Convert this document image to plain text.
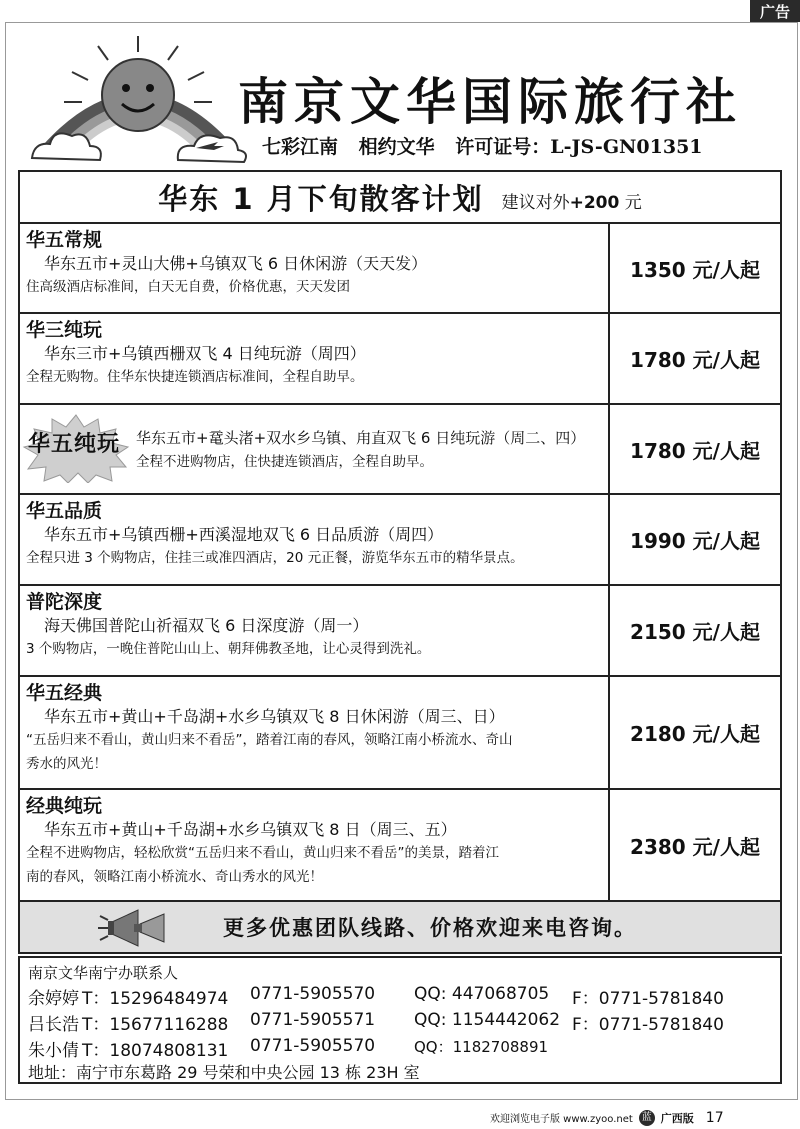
广告
南京文华国际旅行社
七彩江南 相约文华 许可证号：L-JS-GN01351
华东 1 月下旬散客计划 建议对外+200 元
华五常规
华东五市+灵山大佛+乌镇双飞 6 日休闲游（天天发）
住高级酒店标准间，白天无自费，价格优惠，天天发团
1350 元/人起
华三纯玩
华东三市+乌镇西栅双飞 4 日纯玩游（周四）
全程无购物。住华东快捷连锁酒店标准间，全程自助早。
1780 元/人起
华五纯玩 华东五市+鼋头渚+双水乡乌镇、甪直双飞 6 日纯玩游（周二、四）
全程不进购物店，住快捷连锁酒店，全程自助早。	1780 元/人起
华五品质
华东五市+乌镇西栅+西溪湿地双飞 6 日品质游（周四）
全程只进 3 个购物店，住挂三或准四酒店，20 元正餐，游览华东五市的精华景点。
1990 元/人起
普陀深度
海天佛国普陀山祈福双飞 6 日深度游（周一）
3 个购物店，一晚住普陀山山上、朝拜佛教圣地，让心灵得到洗礼。
2150 元/人起
华五经典
华东五市+黄山+千岛湖+水乡乌镇双飞 8 日休闲游（周三、日）
“五岳归来不看山，黄山归来不看岳”，踏着江南的春风，领略江南小桥流水、奇山
秀水的风光！
2180 元/人起
经典纯玩
华东五市+黄山+千岛湖+水乡乌镇双飞 8 日（周三、五）
全程不进购物店，轻松欣赏“五岳归来不看山，黄山归来不看岳”的美景，踏着江
南的春风，领略江南小桥流水、奇山秀水的风光！
2380 元/人起
更多优惠团队线路、价格欢迎来电咨询。
南京文华南宁办联系人
余婷婷 T：15296484974 0771-5905570 QQ: 447068705 F：0771-5781840
吕长浩 T：15677116288 0771-5905571 QQ: 1154442062 F：0771-5781840
朱小倩 T：18074808131 0771-5905570	QQ：1182708891
地址：南宁市东葛路 29 号荣和中央公园 13 栋 23H 室
欢迎浏览电子版 www.zyoo.net 蓝 广西版 17
